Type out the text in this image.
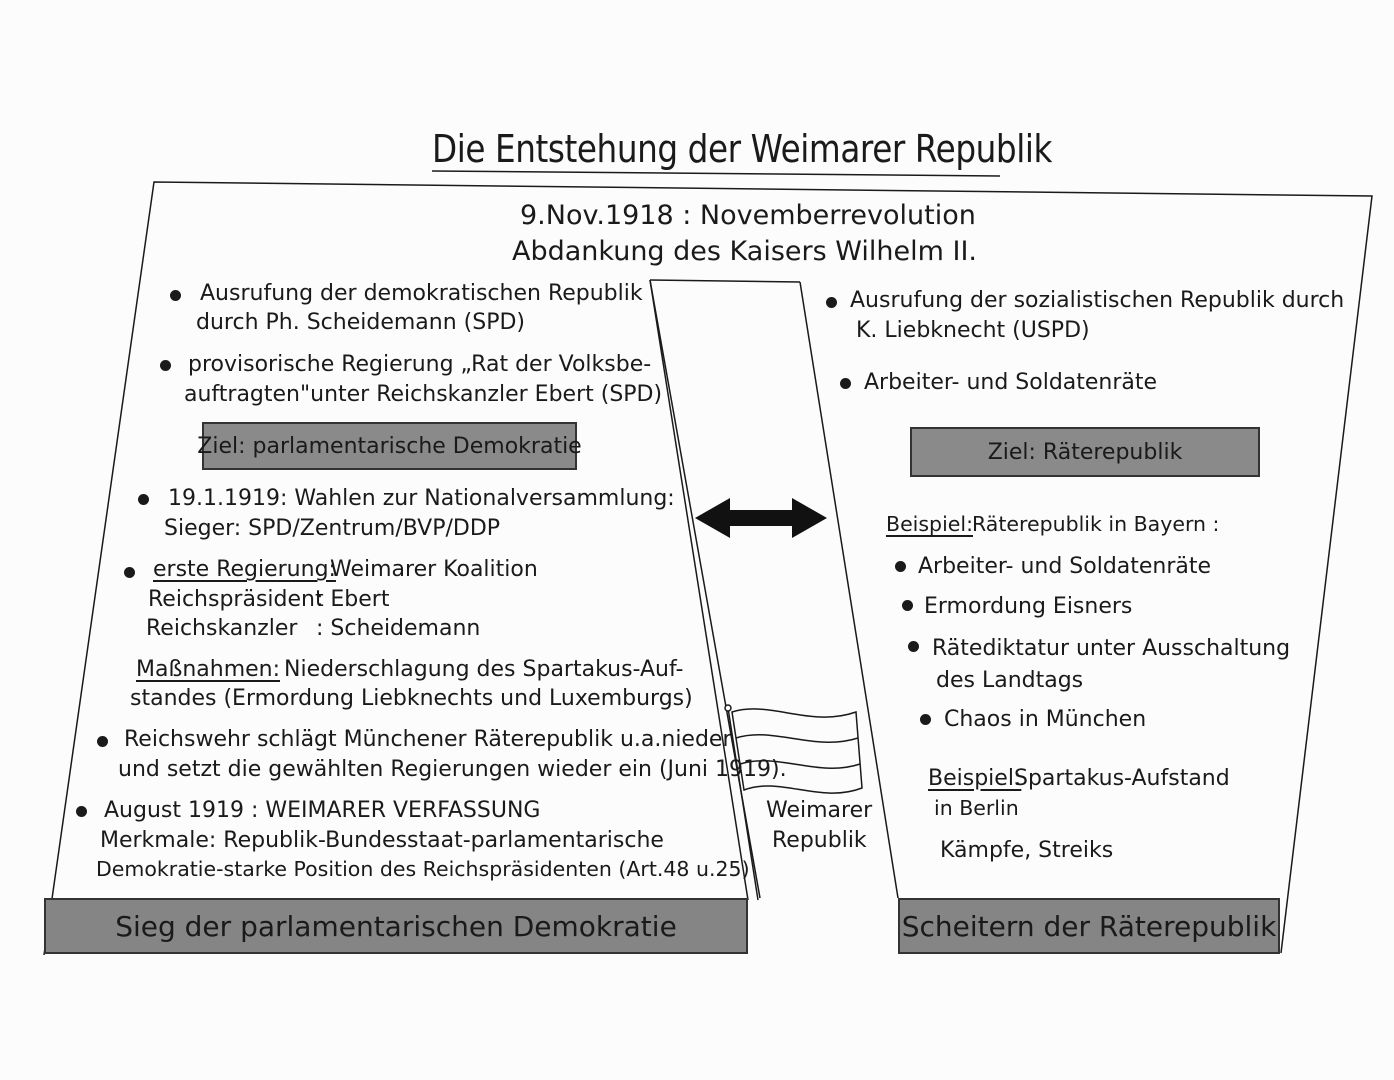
Die Entstehung der Weimarer Republik
9.Nov.1918 : Novemberrevolution
Abdankung des Kaisers Wilhelm II.
Ausrufung der demokratischen Republik
durch Ph. Scheidemann (SPD)
provisorische Regierung „Rat der Volksbe-
auftragten"unter Reichskanzler Ebert (SPD)
Ziel: parlamentarische Demokratie
19.1.1919: Wahlen zur Nationalversammlung:
Sieger: SPD/Zentrum/BVP/DDP
erste Regierung:
Weimarer Koalition
Reichspräsident
: Ebert
Reichskanzler : Scheidemann
Maßnahmen: Niederschlagung des Spartakus-Auf-
standes (Ermordung Liebknechts und Luxemburgs)
Reichswehr schlägt Münchener Räterepublik u.a.nieder
und setzt die gewählten Regierungen wieder ein (Juni 1919).
August 1919 : WEIMARER VERFASSUNG
Merkmale: Republik-Bundesstaat-parlamentarische
Demokratie-starke Position des Reichspräsidenten (Art.48 u.25)
Sieg der parlamentarischen Demokratie
Weimarer
Republik
Ausrufung der sozialistischen Republik durch
K. Liebknecht (USPD)
Arbeiter- und Soldatenräte
Ziel: Räterepublik
Beispiel: Räterepublik in Bayern :
Arbeiter- und Soldatenräte
Ermordung Eisners
Rätediktatur unter Ausschaltung
des Landtags
Chaos in München
Beispiel:
Spartakus-Aufstand
in Berlin
Kämpfe, Streiks
Scheitern der Räterepublik
